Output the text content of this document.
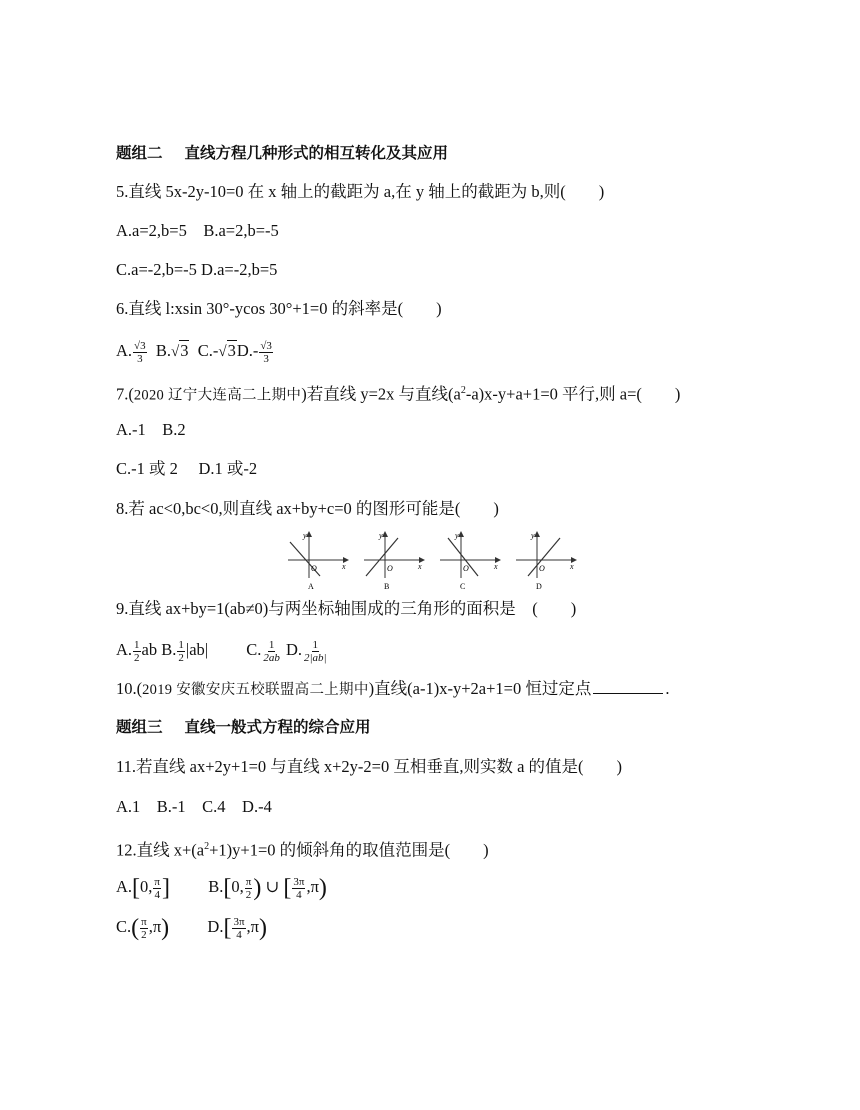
题组二 直线方程几种形式的相互转化及其应用
5.直线 5x-2y-10=0 在 x 轴上的截距为 a,在 y 轴上的截距为 b,则(　　)
A.a=2,b=5　B.a=2,b=-5
C.a=-2,b=-5 D.a=-2,b=5
6.直线 l:xsin 30°-ycos 30°+1=0 的斜率是(　　)
A. $\frac{√3}{3} B.√3$ $C.-√3D.- \frac{√3}{3}$
7.(2020 辽宁大连高二上期中)若直线 y=2x 与直线$(a^2-a)x-y+a+1=0$ 平行,则 a=(　　)
A.-1　B.2
C.-1 或 2　 D.1 或-2
8.若 ac<0,bc<0,则直线 ax+by+c=0 的图形可能是(　　)
y
x
O
A
y
x
O
B
y
x
O
C
y
x
O
D
9.直线 ax+by=1(ab≠0)与两坐标轴围成的三角形的面积是　(　　)
A. $\frac{1}{2}$ ab B. $\frac{1}{2} |ab|$ C. $\frac{1}{2ab} D$. $\frac{1}{2|ab|}$
10.(2019 安徽安庆五校联盟高二上期中)直线(a-1)x-y+2a+1=0 恒过定点	.
题组三 直线一般式方程的综合应用
11.若直线 ax+2y+1=0 与直线 x+2y-2=0 互相垂直,则实数 a 的值是(　　)
A.1　B.-1　C.4　D.-4
12.直线 $x+(a^2+1)y+1=0$ 的倾斜角的取值范围是(　　)
A.[0, $\frac{\pi}{4}$ ] B.[0, $\frac{\pi}{2}$ ) ∪ [ $\frac{3\pi}{4} ,\pi$)
$C.( \frac{\pi}{2} ,\pi)$ $D.[ \frac{3\pi}{4} ,\pi)$
